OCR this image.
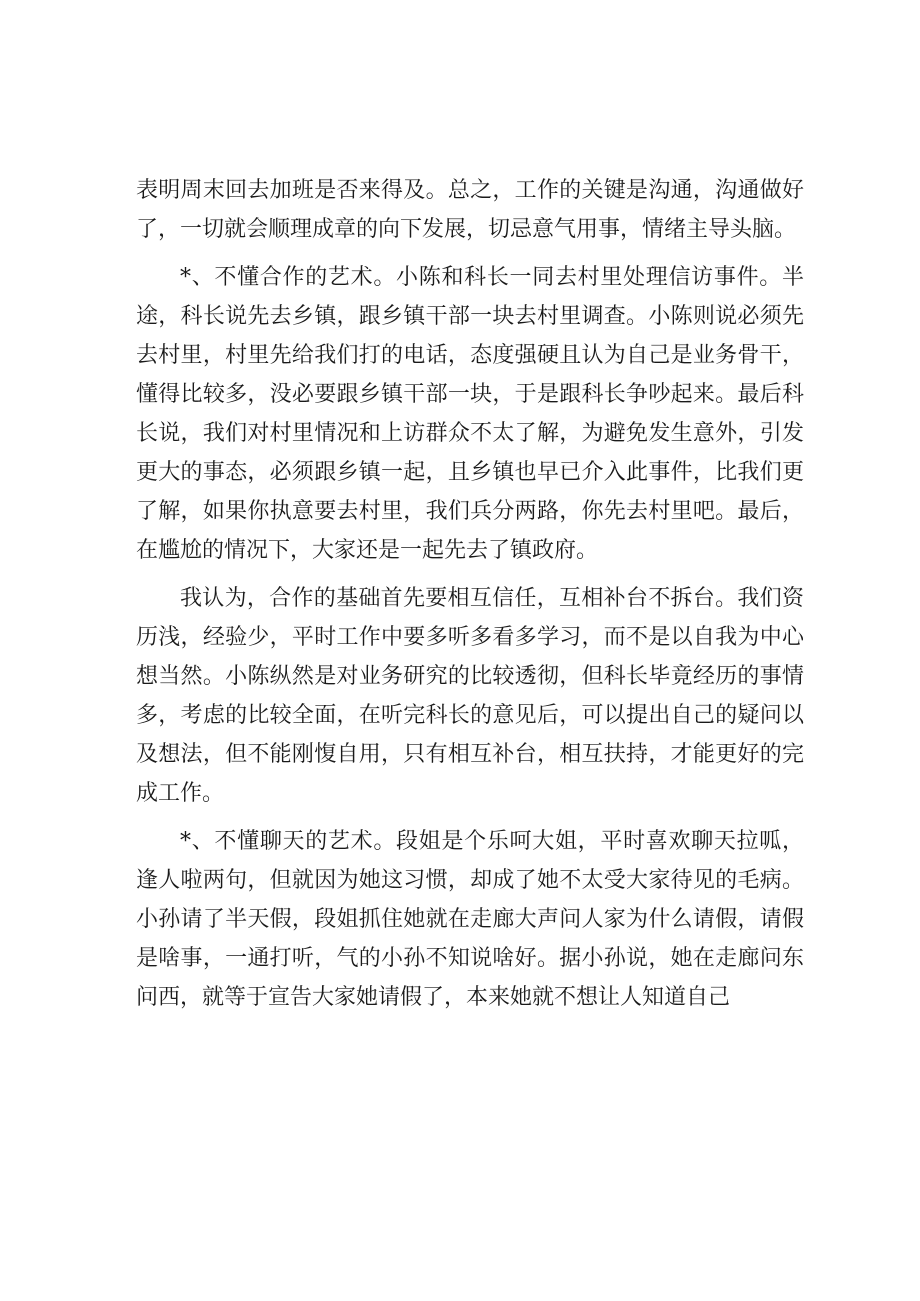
表明周末回去加班是否来得及。总之，工作的关键是沟通，沟通做好了，一切就会顺理成章的向下发展，切忌意气用事，情绪主导头脑。

*、不懂合作的艺术。小陈和科长一同去村里处理信访事件。半途，科长说先去乡镇，跟乡镇干部一块去村里调查。小陈则说必须先去村里，村里先给我们打的电话，态度强硬且认为自己是业务骨干，懂得比较多，没必要跟乡镇干部一块，于是跟科长争吵起来。最后科长说，我们对村里情况和上访群众不太了解，为避免发生意外，引发更大的事态，必须跟乡镇一起，且乡镇也早已介入此事件，比我们更了解，如果你执意要去村里，我们兵分两路，你先去村里吧。最后，在尴尬的情况下，大家还是一起先去了镇政府。

我认为，合作的基础首先要相互信任，互相补台不拆台。我们资历浅，经验少，平时工作中要多听多看多学习，而不是以自我为中心想当然。小陈纵然是对业务研究的比较透彻，但科长毕竟经历的事情多，考虑的比较全面，在听完科长的意见后，可以提出自己的疑问以及想法，但不能刚愎自用，只有相互补台，相互扶持，才能更好的完成工作。

*、不懂聊天的艺术。段姐是个乐呵大姐，平时喜欢聊天拉呱，逢人啦两句，但就因为她这习惯，却成了她不太受大家待见的毛病。小孙请了半天假，段姐抓住她就在走廊大声问人家为什么请假，请假是啥事，一通打听，气的小孙不知说啥好。据小孙说，她在走廊问东问西，就等于宣告大家她请假了，本来她就不想让人知道自己
